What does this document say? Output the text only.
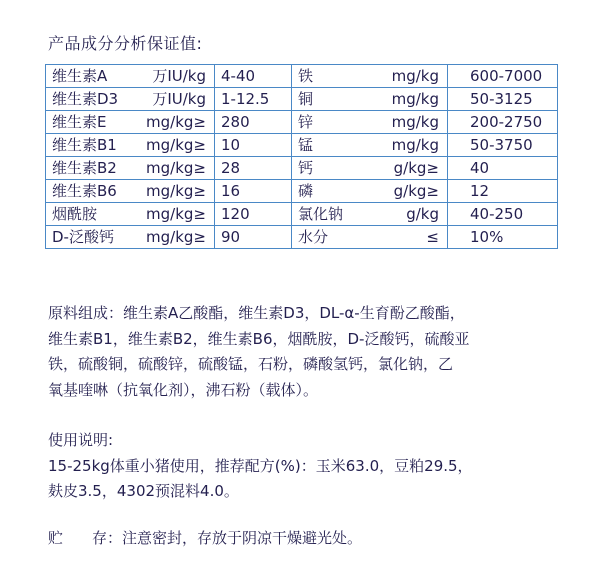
产品成分分析保证值:
维生素A 万IU/kg	4-40	铁 mg/kg	600-7000

维生素D3 万IU/kg	1-12.5	铜 mg/kg	50-3125

维生素E mg/kg≥	280	锌 mg/kg	200-2750

维生素B1 mg/kg≥	10	锰 mg/kg	50-3750

维生素B2 mg/kg≥	28	钙 g/kg≥	40

维生素B6 mg/kg≥	16	磷 g/kg≥	12

烟酰胺 mg/kg≥	120	氯化钠 g/kg	40-250

D-泛酸钙 mg/kg≥	90	水分 ≤	10%
原料组成：维生素A乙酸酯，维生素D3，DL-α-生育酚乙酸酯，
维生素B1，维生素B2，维生素B6，烟酰胺，D-泛酸钙，硫酸亚
铁，硫酸铜，硫酸锌，硫酸锰，石粉，磷酸氢钙，氯化钠，乙
氧基喹啉（抗氧化剂），沸石粉（载体）。
使用说明:
15-25kg体重小猪使用，推荐配方(%)：玉米63.0，豆粕29.5，
麸皮3.5，4302预混料4.0。
贮 存：注意密封，存放于阴凉干燥避光处。
